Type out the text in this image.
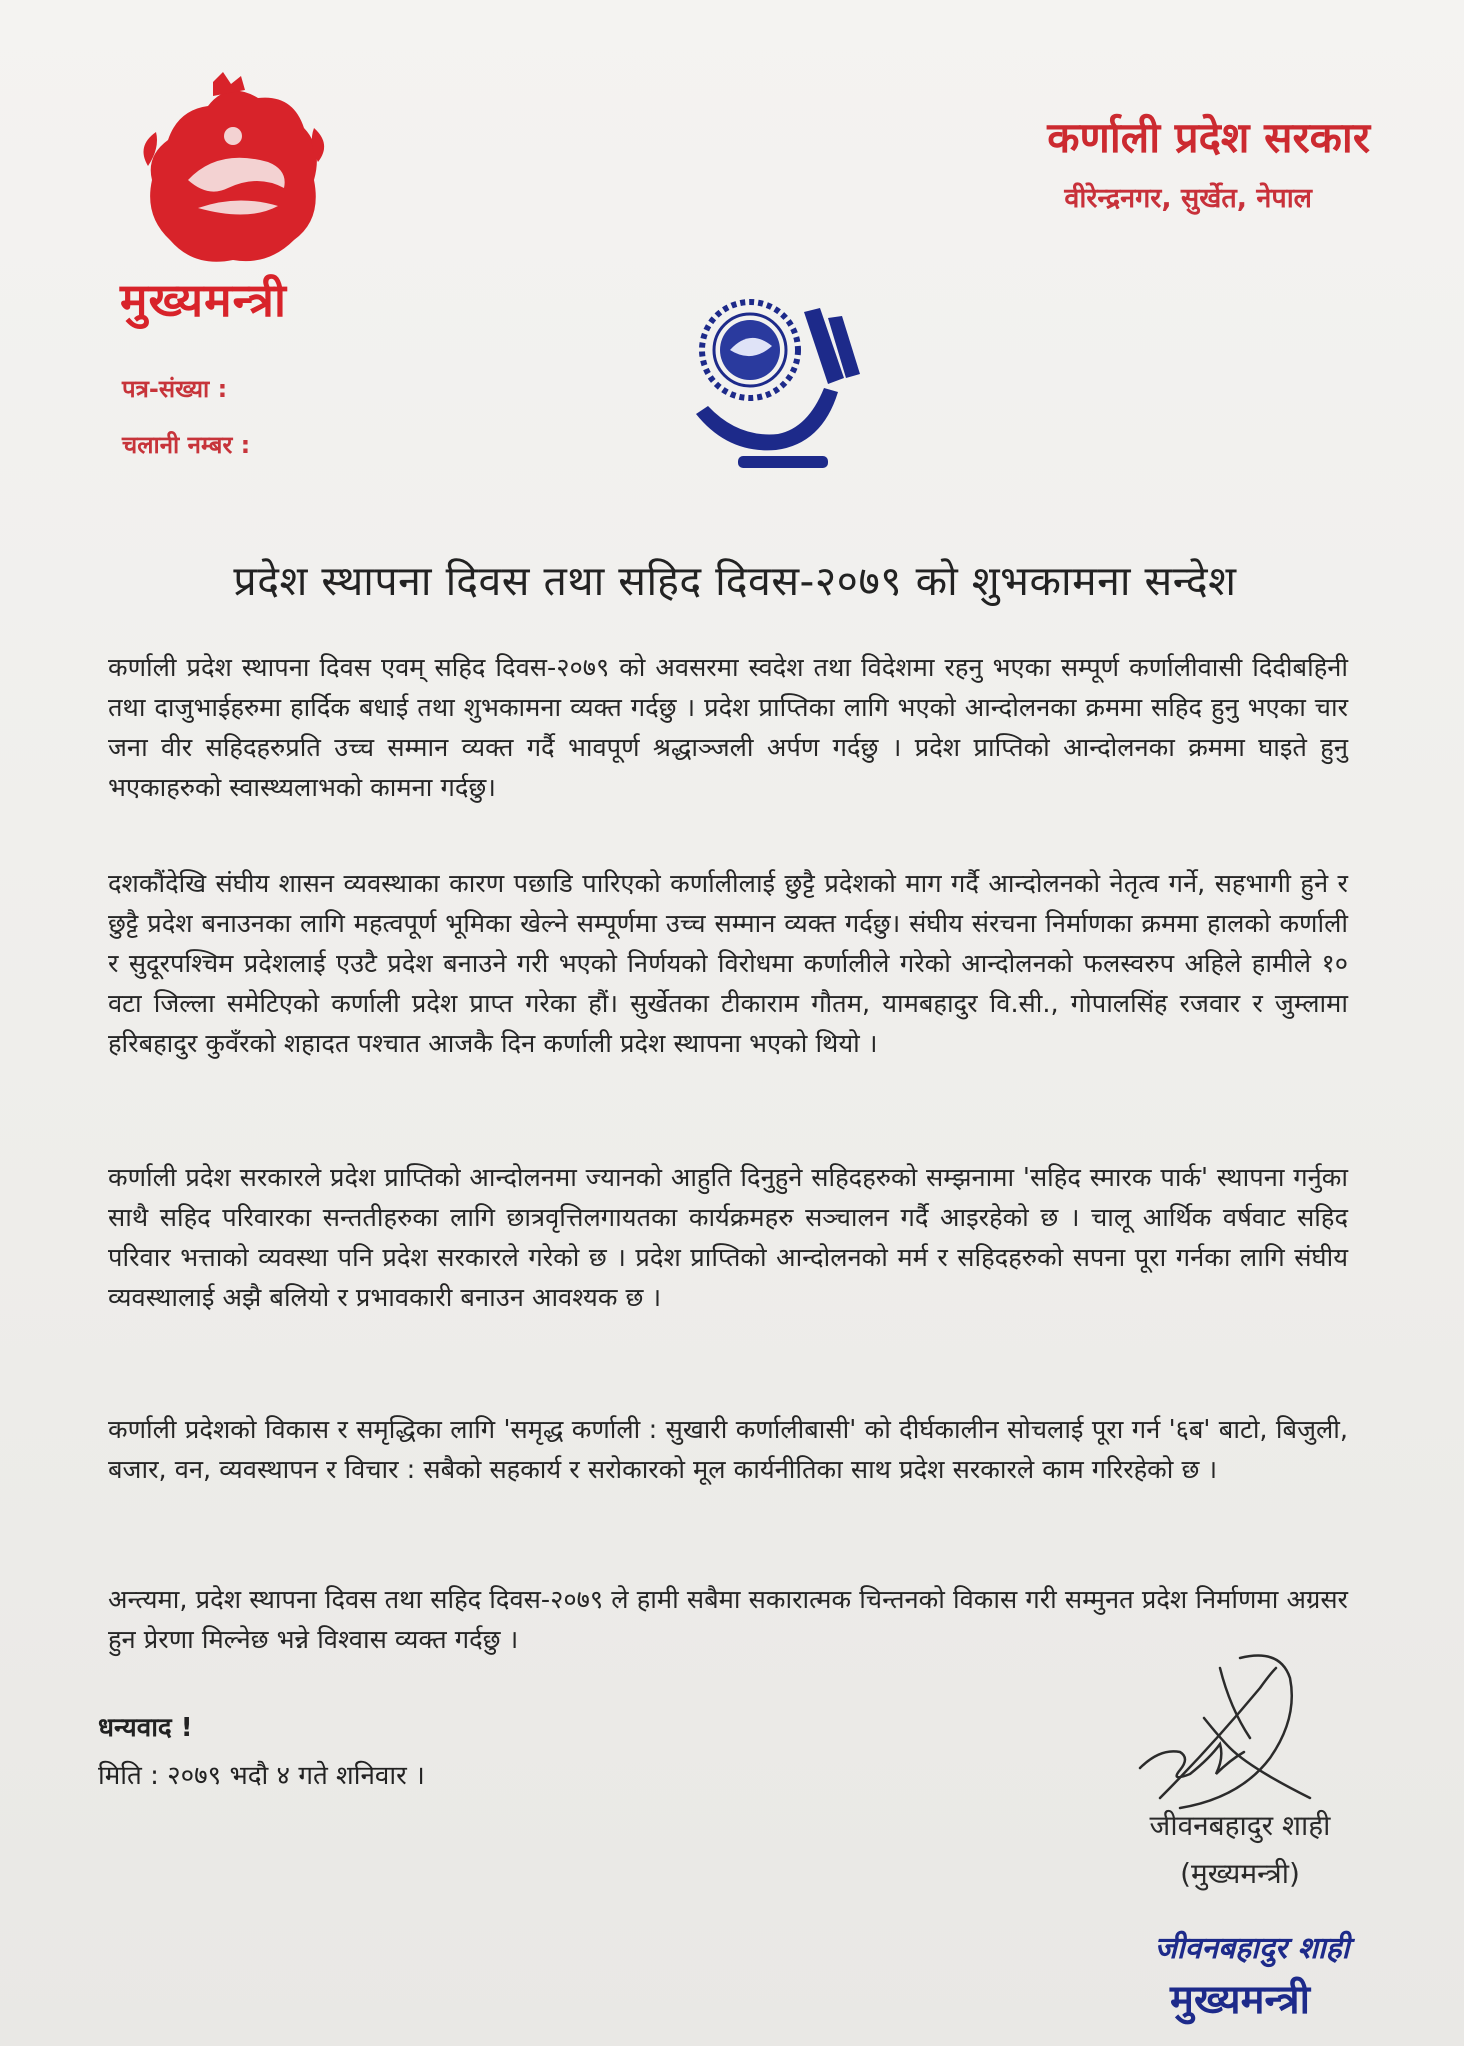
मुख्यमन्त्री
पत्र-संख्या :
चलानी नम्बर :
कर्णाली प्रदेश सरकार
वीरेन्द्रनगर, सुर्खेत, नेपाल
प्रदेश स्थापना दिवस तथा सहिद दिवस-२०७९ को शुभकामना सन्देश
कर्णाली प्रदेश स्थापना दिवस एवम् सहिद दिवस-२०७९ को अवसरमा स्वदेश तथा विदेशमा रहनु भएका सम्पूर्ण कर्णालीवासी दिदीबहिनी तथा दाजुभाईहरुमा हार्दिक बधाई तथा शुभकामना व्यक्त गर्दछु । प्रदेश प्राप्तिका लागि भएको आन्दोलनका क्रममा सहिद हुनु भएका चार जना वीर सहिदहरुप्रति उच्च सम्मान व्यक्त गर्दै भावपूर्ण श्रद्धाञ्जली अर्पण गर्दछु । प्रदेश प्राप्तिको आन्दोलनका क्रममा घाइते हुनु भएकाहरुको स्वास्थ्यलाभको कामना गर्दछु।
दशकौंदेखि संघीय शासन व्यवस्थाका कारण पछाडि पारिएको कर्णालीलाई छुट्टै प्रदेशको माग गर्दै आन्दोलनको नेतृत्व गर्ने, सहभागी हुने र छुट्टै प्रदेश बनाउनका लागि महत्वपूर्ण भूमिका खेल्ने सम्पूर्णमा उच्च सम्मान व्यक्त गर्दछु। संघीय संरचना निर्माणका क्रममा हालको कर्णाली र सुदूरपश्चिम प्रदेशलाई एउटै प्रदेश बनाउने गरी भएको निर्णयको विरोधमा कर्णालीले गरेको आन्दोलनको फलस्वरुप अहिले हामीले १० वटा जिल्ला समेटिएको कर्णाली प्रदेश प्राप्त गरेका हौं। सुर्खेतका टीकाराम गौतम, यामबहादुर वि.सी., गोपालसिंह रजवार र जुम्लामा हरिबहादुर कुवँरको शहादत पश्चात आजकै दिन कर्णाली प्रदेश स्थापना भएको थियो ।
कर्णाली प्रदेश सरकारले प्रदेश प्राप्तिको आन्दोलनमा ज्यानको आहुति दिनुहुने सहिदहरुको सम्झनामा 'सहिद स्मारक पार्क' स्थापना गर्नुका साथै सहिद परिवारका सन्ततीहरुका लागि छात्रवृत्तिलगायतका कार्यक्रमहरु सञ्चालन गर्दै आइरहेको छ । चालू आर्थिक वर्षवाट सहिद परिवार भत्ताको व्यवस्था पनि प्रदेश सरकारले गरेको छ । प्रदेश प्राप्तिको आन्दोलनको मर्म र सहिदहरुको सपना पूरा गर्नका लागि संघीय व्यवस्थालाई अझै बलियो र प्रभावकारी बनाउन आवश्यक छ ।
कर्णाली प्रदेशको विकास र समृद्धिका लागि 'समृद्ध कर्णाली : सुखारी कर्णालीबासी' को दीर्घकालीन सोचलाई पूरा गर्न '६ब' बाटो, बिजुली, बजार, वन, व्यवस्थापन र विचार : सबैको सहकार्य र सरोकारको मूल कार्यनीतिका साथ प्रदेश सरकारले काम गरिरहेको छ ।
अन्त्यमा, प्रदेश स्थापना दिवस तथा सहिद दिवस-२०७९ ले हामी सबैमा सकारात्मक चिन्तनको विकास गरी सम्मुनत प्रदेश निर्माणमा अग्रसर हुन प्रेरणा मिल्नेछ भन्ने विश्वास व्यक्त गर्दछु ।
धन्यवाद !
मिति : २०७९ भदौ ४ गते शनिवार ।
जीवनबहादुर शाही
(मुख्यमन्त्री)
जीवनबहादुर शाही
मुख्यमन्त्री
